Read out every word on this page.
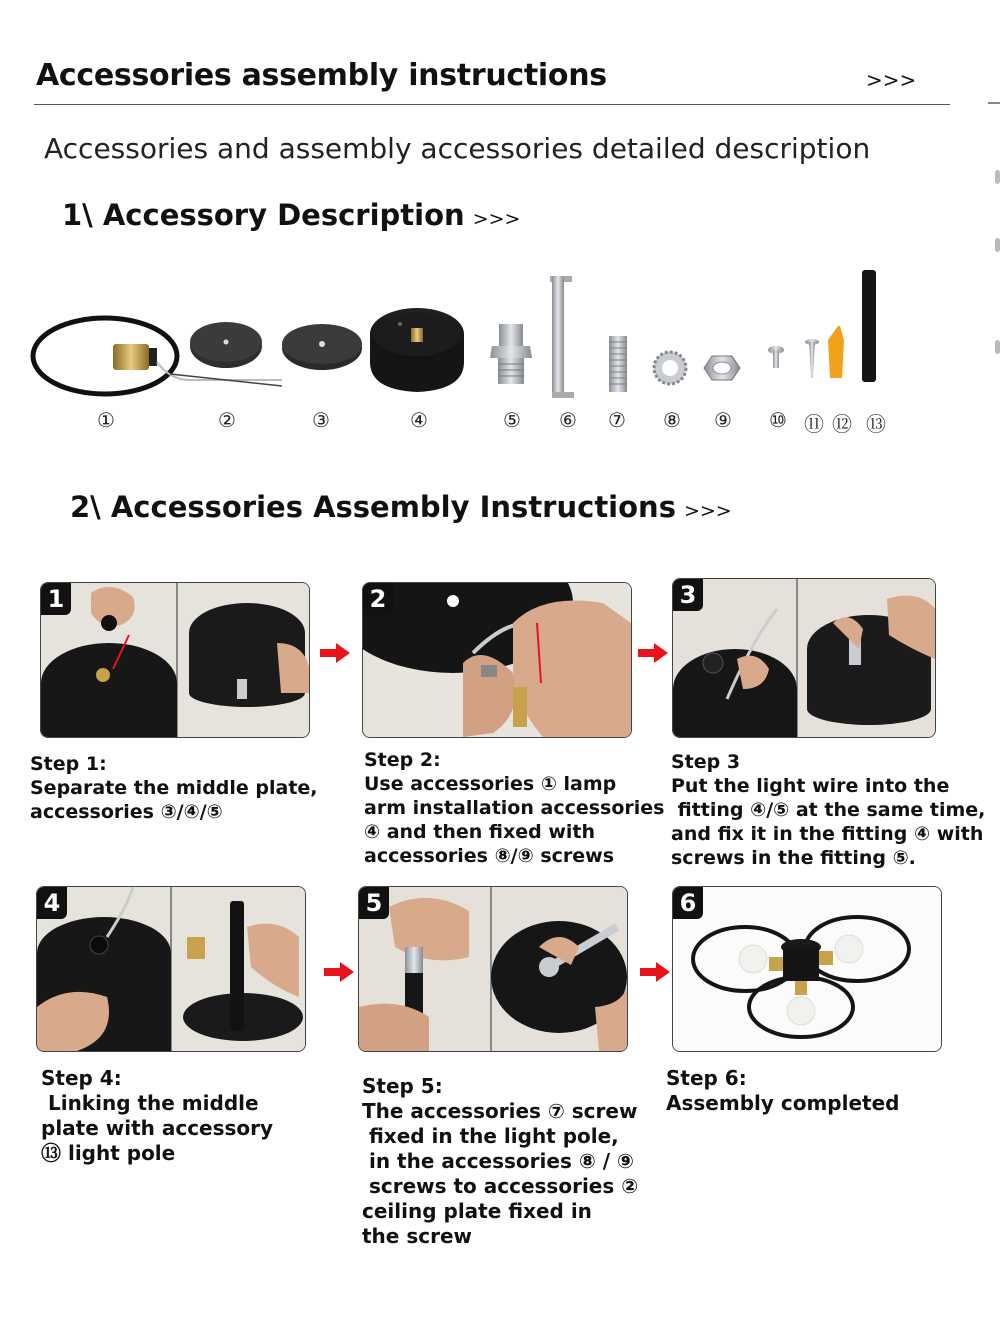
Accessories assembly instructions	>>>
Accessories and assembly accessories detailed description
1\ Accessory Description >>>
①	②	③	④	⑤	⑥	⑦	⑧	⑨	⑩ ⑪ ⑫ ⑬
2\ Accessories Assembly Instructions >>>
1	2	3
Step 1:
Separate the middle plate,
accessories ③/④/⑤
Step 2:
Use accessories ① lamp
arm installation accessories
④ and then fixed with
accessories ⑧/⑨ screws
Step 3
Put the light wire into the
fitting ④/⑤ at the same time,
and fix it in the fitting ④ with
screws in the fitting ⑤.
4	5	6
Step 4:
Linking the middle
plate with accessory
⑬ light pole
Step 5:
The accessories ⑦ screw
fixed in the light pole,
in the accessories ⑧ / ⑨
screws to accessories ②
ceiling plate fixed in
the screw
Step 6:
Assembly completed
